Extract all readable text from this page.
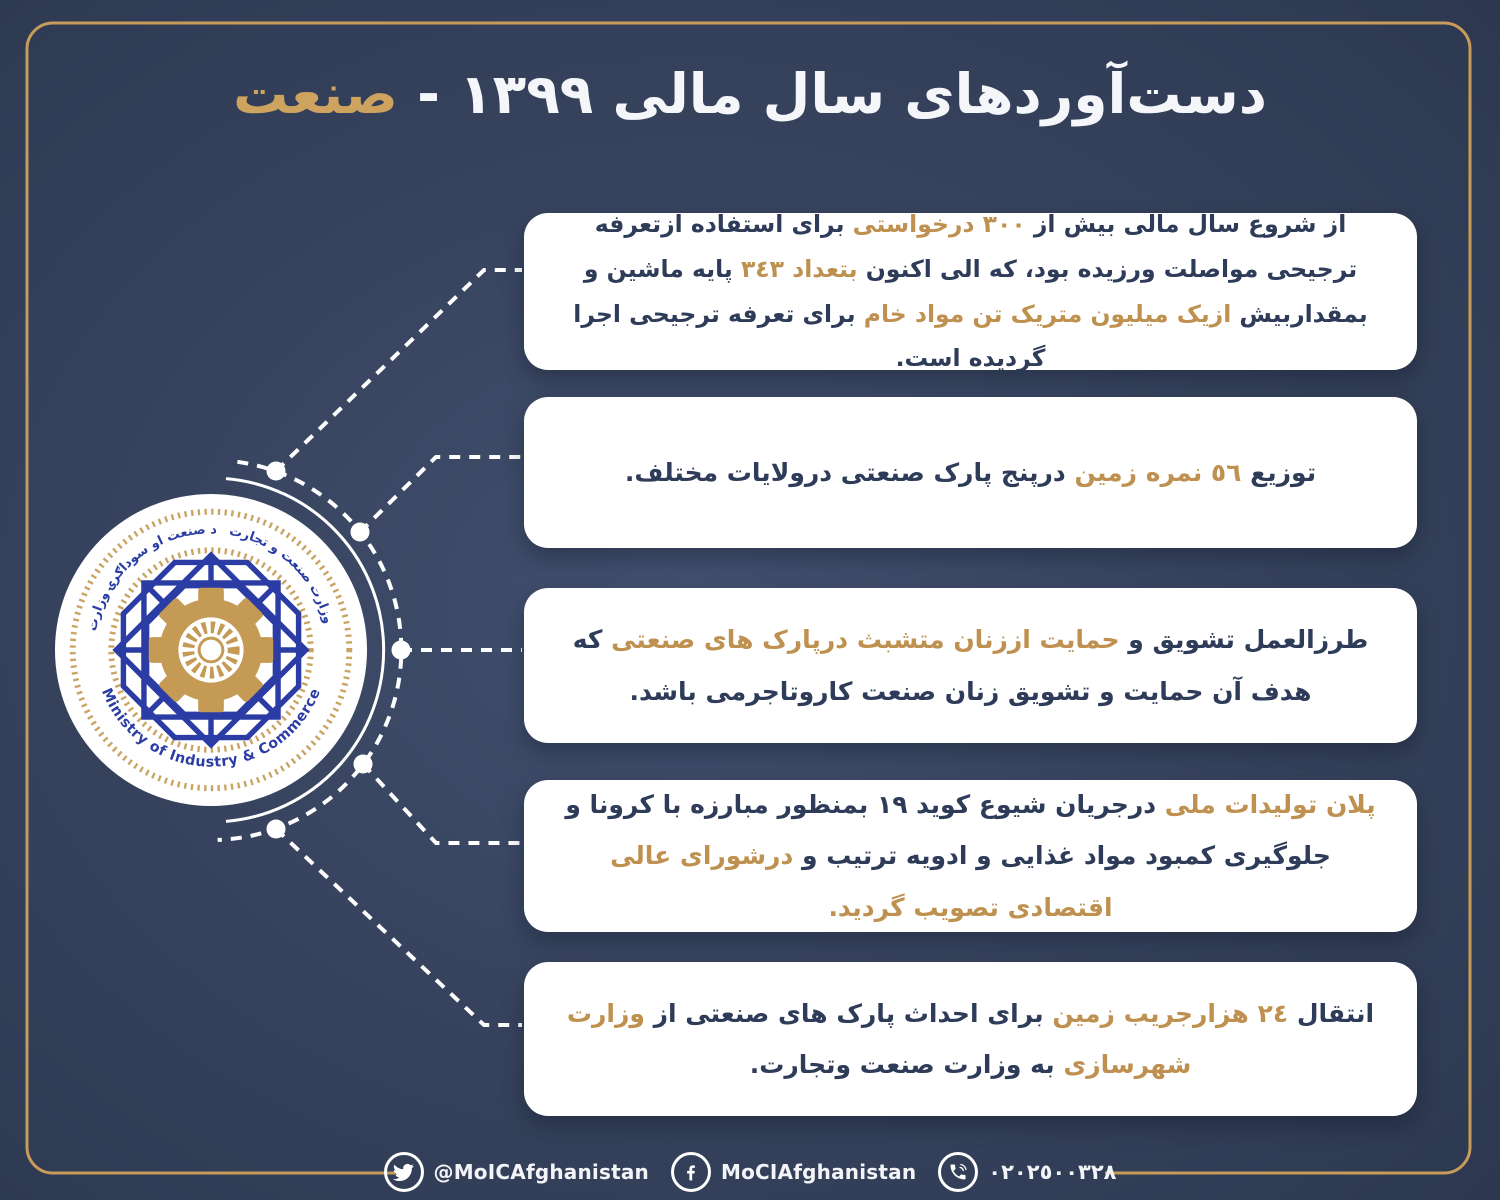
دست‌آوردهای سال مالی ١٣٩٩ - صنعت
د صنعت او سوداګرۍ وزارت وزارت صنعت و تجارت
Ministry of Industry & Commerce

از شروع سال مالی بیش از ٣٠٠ درخواستی برای استفاده ازتعرفه ترجیحی مواصلت ورزیده بود، که الی اکنون بتعداد ٣٤٣ پایه ماشین و بمقداربیش ازیک میلیون متریک تن مواد خام برای تعرفه ترجیحی اجرا گردیده است.

توزیع ٥٦ نمره زمین درپنج پارک صنعتی درولایات مختلف.

طرزالعمل تشویق و حمایت اززنان متشبث درپارک های صنعتی که هدف آن حمایت و تشویق زنان صنعت کاروتاجرمی باشد.

پلان تولیدات ملی درجریان شیوع کوید ١٩ بمنظور مبارزه با کرونا و جلوگیری کمبود مواد غذایی و ادویه ترتیب و درشورای عالی اقتصادی تصویب گردید.

انتقال ٢٤ هزارجریب زمین برای احداث پارک های صنعتی از وزارت شهرسازی به وزارت صنعت وتجارت.

@MoICAfghanistan	MoCIAfghanistan	٠٢٠٢٥٠٠٣٢٨
